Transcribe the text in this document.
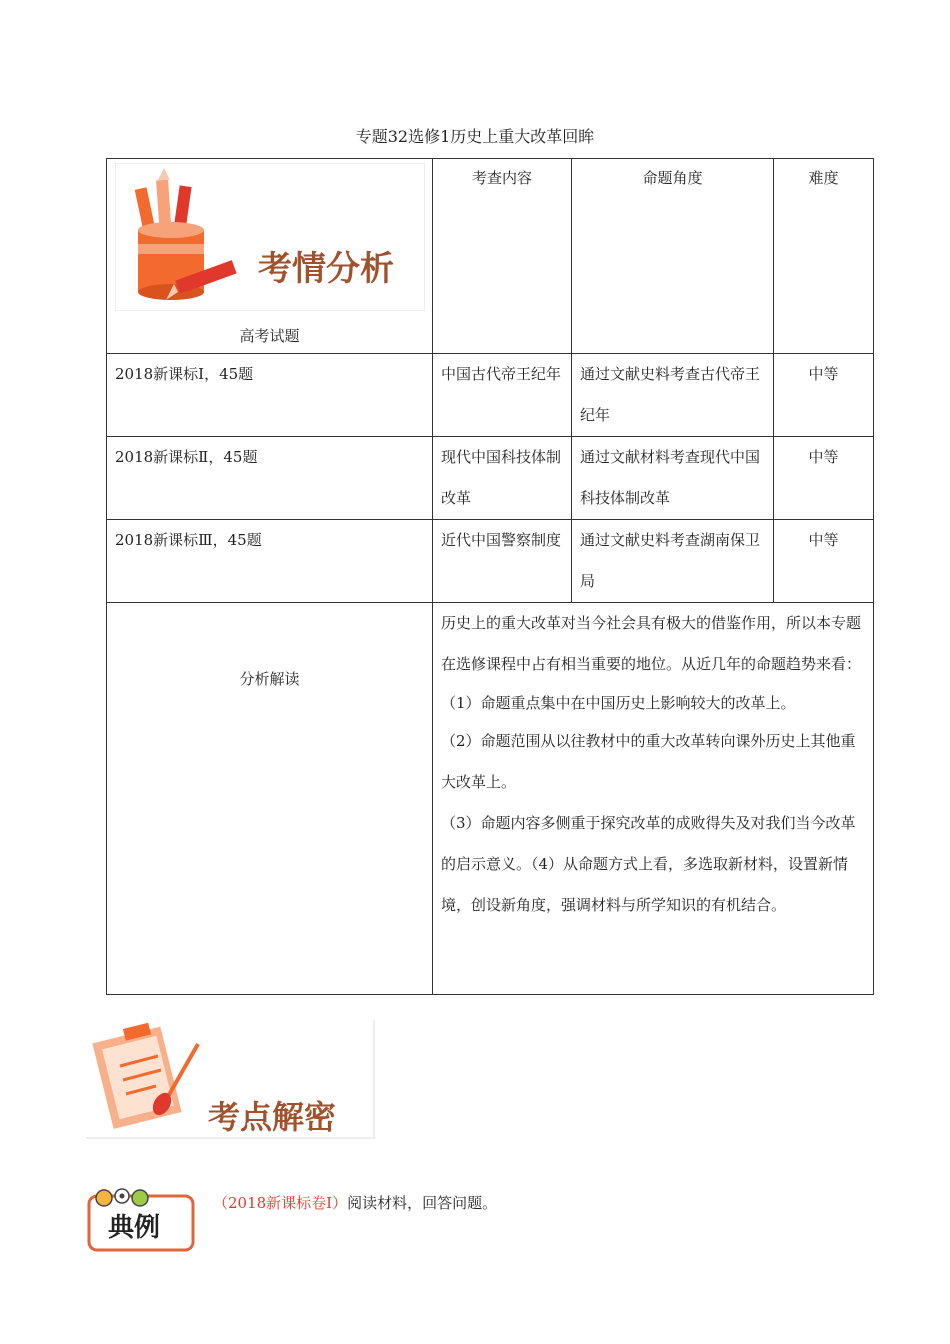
专题32选修1历史上重大改革回眸
考情分析
高考试题	考查内容	命题角度	难度
2018新课标Ⅰ，45题	中国古代帝王纪年	通过文献史料考查古代帝王纪年	中等
2018新课标Ⅱ，45题	现代中国科技体制改革	通过文献材料考查现代中国科技体制改革	中等
2018新课标Ⅲ，45题	近代中国警察制度	通过文献史料考查湖南保卫局	中等
分析解读	历史上的重大改革对当今社会具有极大的借鉴作用，所以本专题在选修课程中占有相当重要的地位。从近几年的命题趋势来看：

（1）命题重点集中在中国历史上影响较大的改革上。

（2）命题范围从以往教材中的重大改革转向课外历史上其他重大改革上。

（3）命题内容多侧重于探究改革的成败得失及对我们当今改革的启示意义。（4）从命题方式上看，多选取新材料，设置新情境，创设新角度，强调材料与所学知识的有机结合。		

考点解密
典例
（2018新课标卷Ⅰ）阅读材料，回答问题。
